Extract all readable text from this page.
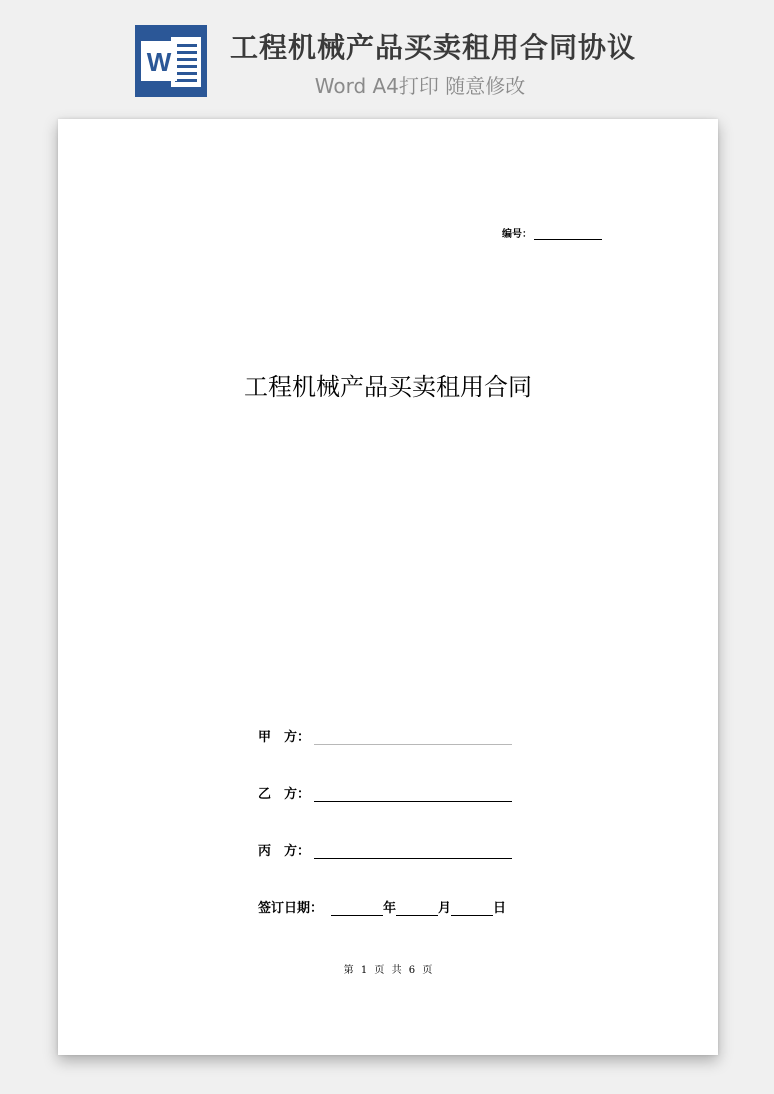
W 工程机械产品买卖租用合同协议
Word A4打印 随意修改

编号：
工程机械产品买卖租用合同
甲　方：
乙　方：
丙　方：
签订日期：	年	月	日
第 1 页 共 6 页
